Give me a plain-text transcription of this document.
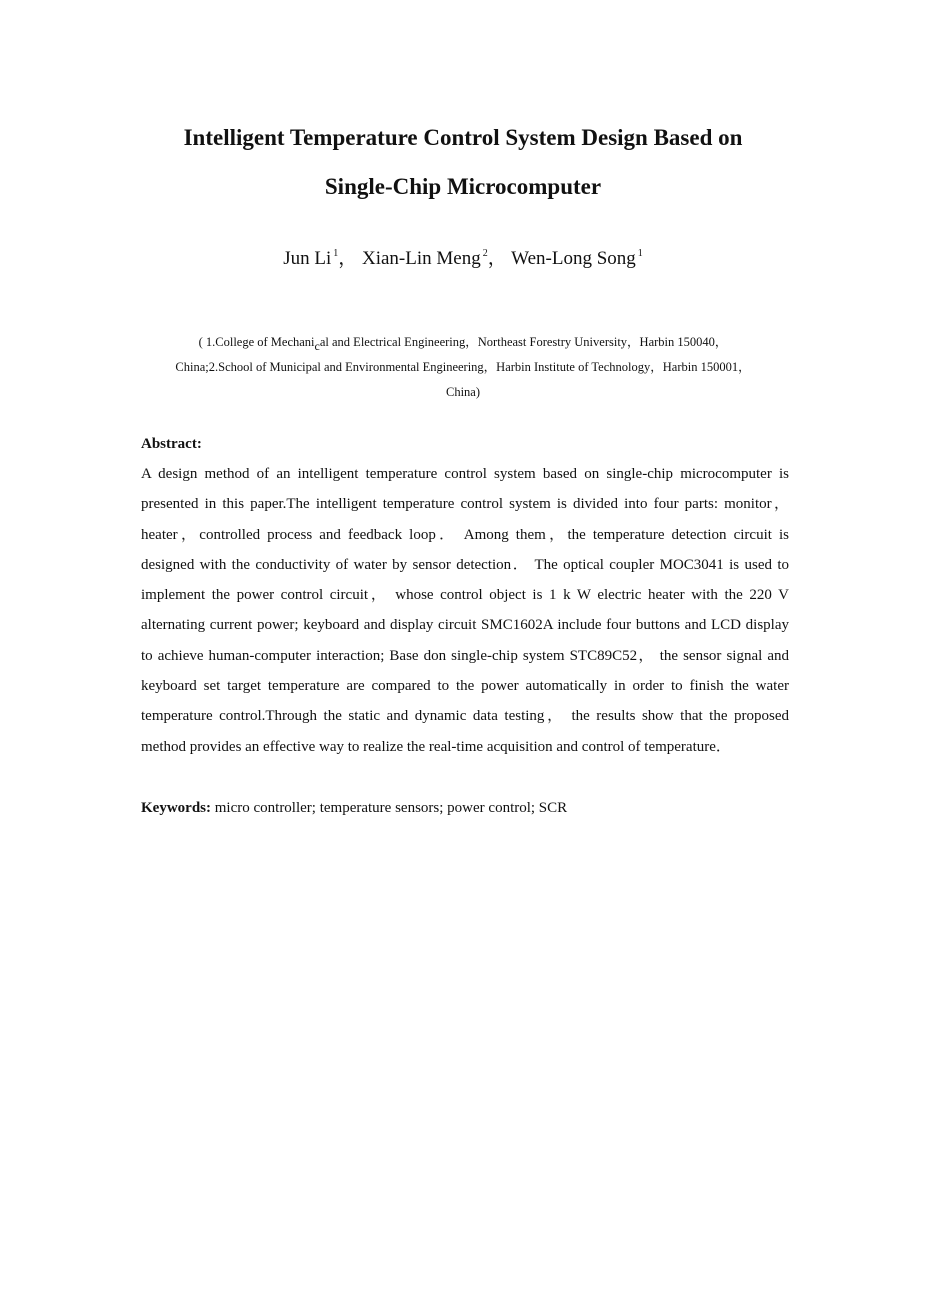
Intelligent Temperature Control System Design Based on
Single-Chip Microcomputer
Jun Li $^1$， Xian-Lin Meng $^2$， Wen-Long Song $^1$
( 1.College of Mechanical and Electrical Engineering，Northeast Forestry University，Harbin 150040，
China;2.School of Municipal and Environmental Engineering，Harbin Institute of Technology，Harbin 150001，
China)
Abstract:

A design method of an intelligent temperature control system based on single-chip microcomputer is presented in this paper.The intelligent temperature control system is divided into four parts: monitor，heater，controlled process and feedback loop． Among them，the temperature detection circuit is designed with the conductivity of water by sensor detection． The optical coupler MOC3041 is used to implement the power control circuit， whose control object is 1 k W electric heater with the 220 V alternating current power; keyboard and display circuit SMC1602A include four buttons and LCD display to achieve human-computer interaction; Base don single-chip system STC89C52， the sensor signal and keyboard set target temperature are compared to the power automatically in order to finish the water temperature control.Through the static and dynamic data testing， the results show that the proposed method provides an effective way to realize the real-time acquisition and control of temperature．

Keywords: micro controller; temperature sensors; power control; SCR
